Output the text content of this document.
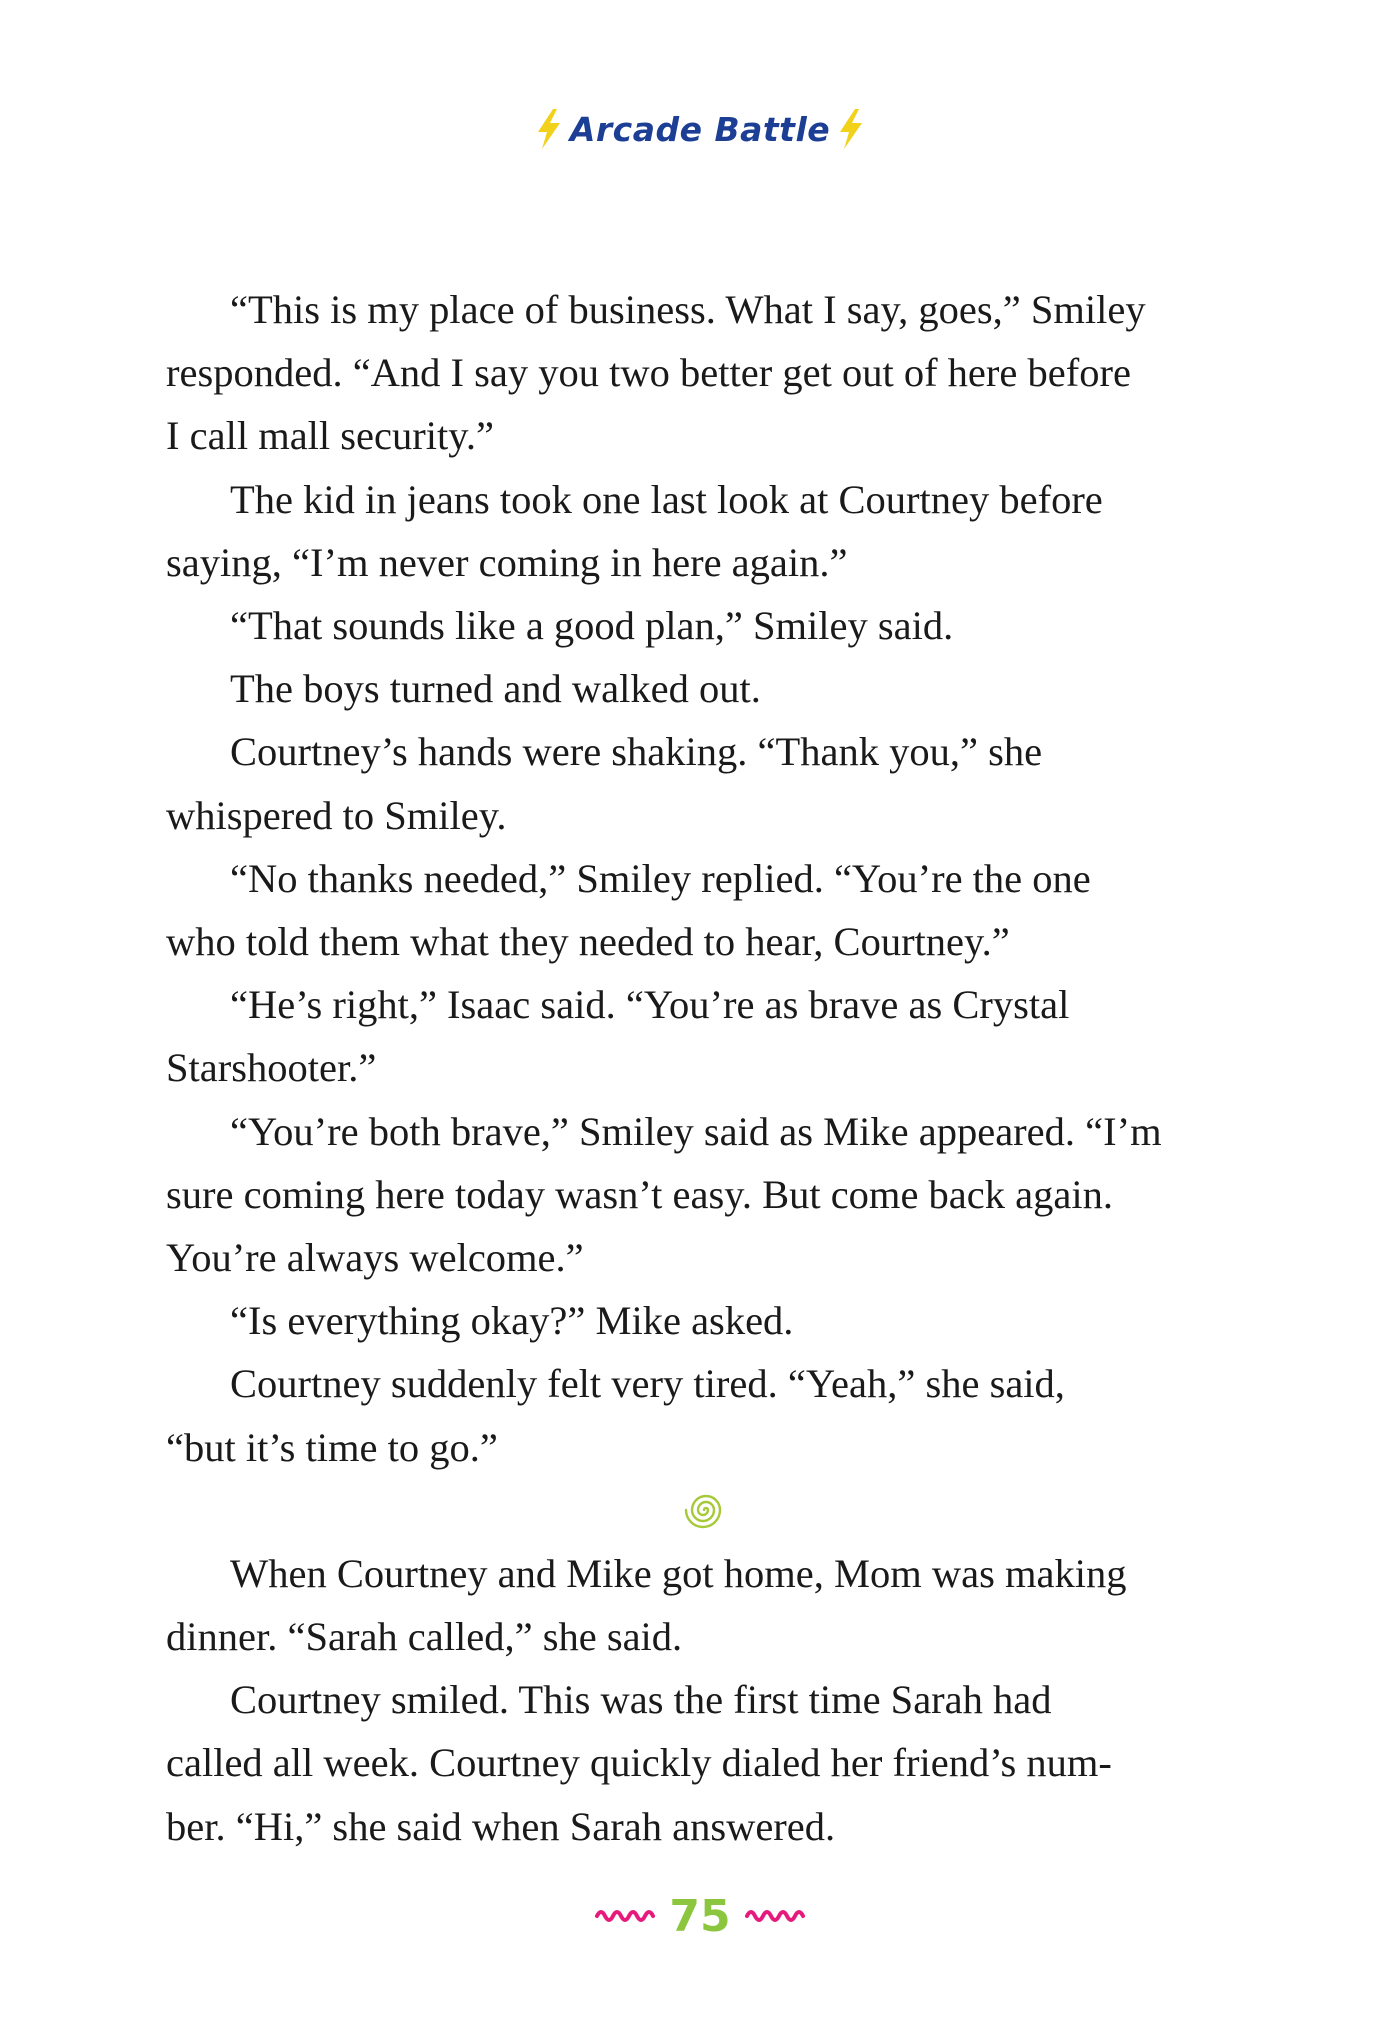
Arcade Battle

“This is my place of business. What I say, goes,” Smiley
responded. “And I say you two better get out of here before
I call mall security.”

The kid in jeans took one last look at Courtney before
saying, “I’m never coming in here again.”

“That sounds like a good plan,” Smiley said.

The boys turned and walked out.

Courtney’s hands were shaking. “Thank you,” she
whispered to Smiley.

“No thanks needed,” Smiley replied. “You’re the one
who told them what they needed to hear, Courtney.”

“He’s right,” Isaac said. “You’re as brave as Crystal
Starshooter.”

“You’re both brave,” Smiley said as Mike appeared. “I’m
sure coming here today wasn’t easy. But come back again.
You’re always welcome.”

“Is everything okay?” Mike asked.

Courtney suddenly felt very tired. “Yeah,” she said,
“but it’s time to go.”

When Courtney and Mike got home, Mom was making
dinner. “Sarah called,” she said.

Courtney smiled. This was the first time Sarah had
called all week. Courtney quickly dialed her friend’s num-
ber. “Hi,” she said when Sarah answered.

75
